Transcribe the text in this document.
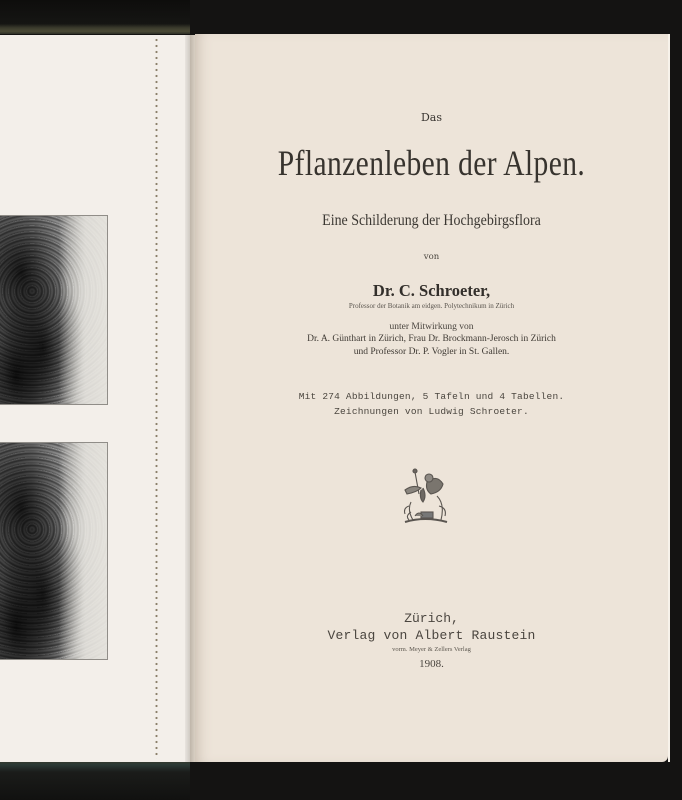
Das
Pflanzenleben der Alpen.
Eine Schilderung der Hochgebirgsflora
von
Dr. C. Schroeter,
Professor der Botanik am eidgen. Polytechnikum in Zürich
unter Mitwirkung von
Dr. A. Günthart in Zürich, Frau Dr. Brockmann-Jerosch in Zürich
und Professor Dr. P. Vogler in St. Gallen.
Mit 274 Abbildungen, 5 Tafeln und 4 Tabellen.
Zeichnungen von Ludwig Schroeter.
Zürich,
Verlag von Albert Raustein
vorm. Meyer & Zellers Verlag
1908.
